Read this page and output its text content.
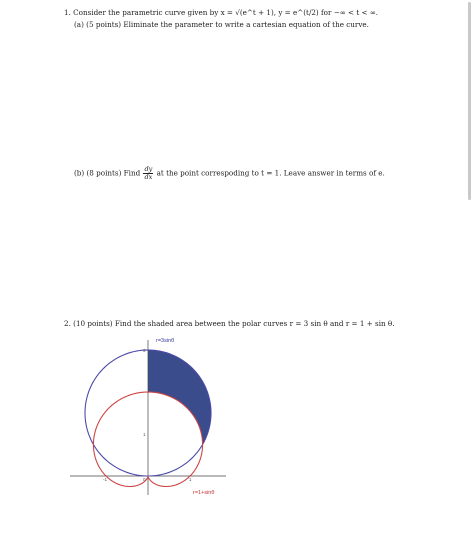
1. Consider the parametric curve given by x = √(e^t + 1), y = e^(t/2) for −∞ < t < ∞.
(a) (5 points) Eliminate the parameter to write a cartesian equation of the curve.
(b) (8 points) Find $\frac{dy}{dx}$ at the point correspoding to t = 1. Leave answer in terms of e.
2. (10 points) Find the shaded area between the polar curves r = 3 sin θ and r = 1 + sin θ.
1
3
-1	0	1
r=3sinθ
r=1+sinθ
